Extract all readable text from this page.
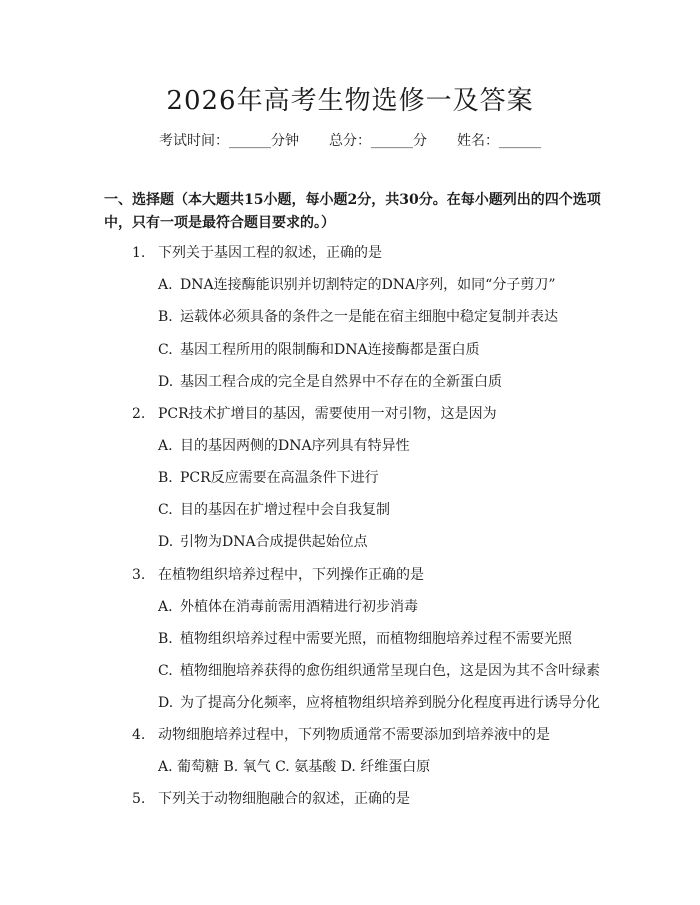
2026年高考生物选修一及答案
考试时间：______分钟 总分：______分 姓名：______
一、选择题（本大题共15小题，每小题2分，共30分。在每小题列出的四个选项中，只有一项是最符合题目要求的。）
1. 下列关于基因工程的叙述，正确的是
A. DNA连接酶能识别并切割特定的DNA序列，如同“分子剪刀”
B. 运载体必须具备的条件之一是能在宿主细胞中稳定复制并表达
C. 基因工程所用的限制酶和DNA连接酶都是蛋白质
D. 基因工程合成的完全是自然界中不存在的全新蛋白质
2. PCR技术扩增目的基因，需要使用一对引物，这是因为
A. 目的基因两侧的DNA序列具有特异性
B. PCR反应需要在高温条件下进行
C. 目的基因在扩增过程中会自我复制
D. 引物为DNA合成提供起始位点
3. 在植物组织培养过程中，下列操作正确的是
A. 外植体在消毒前需用酒精进行初步消毒
B. 植物组织培养过程中需要光照，而植物细胞培养过程不需要光照
C. 植物细胞培养获得的愈伤组织通常呈现白色，这是因为其不含叶绿素
D. 为了提高分化频率，应将植物组织培养到脱分化程度再进行诱导分化
4. 动物细胞培养过程中，下列物质通常不需要添加到培养液中的是
A. 葡萄糖 B. 氧气 C. 氨基酸 D. 纤维蛋白原
5. 下列关于动物细胞融合的叙述，正确的是
